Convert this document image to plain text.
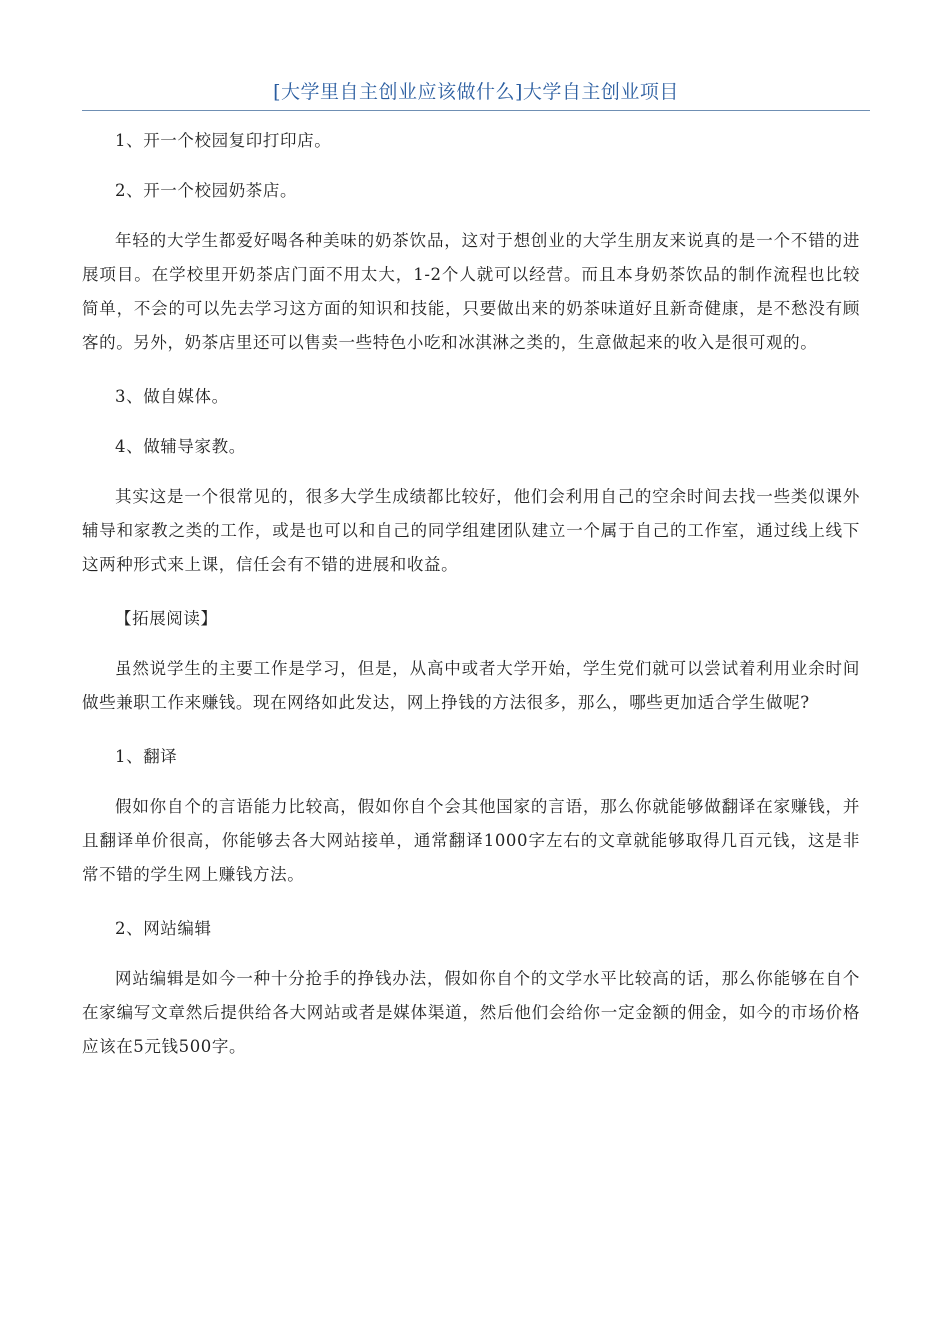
[大学里自主创业应该做什么]大学自主创业项目

1、开一个校园复印打印店。

2、开一个校园奶茶店。

年轻的大学生都爱好喝各种美味的奶茶饮品，这对于想创业的大学生朋友来说真的是一个不错的进展项目。在学校里开奶茶店门面不用太大，1-2个人就可以经营。而且本身奶茶饮品的制作流程也比较简单，不会的可以先去学习这方面的知识和技能，只要做出来的奶茶味道好且新奇健康，是不愁没有顾客的。另外，奶茶店里还可以售卖一些特色小吃和冰淇淋之类的，生意做起来的收入是很可观的。

3、做自媒体。

4、做辅导家教。

其实这是一个很常见的，很多大学生成绩都比较好，他们会利用自己的空余时间去找一些类似课外辅导和家教之类的工作，或是也可以和自己的同学组建团队建立一个属于自己的工作室，通过线上线下这两种形式来上课，信任会有不错的进展和收益。

【拓展阅读】

虽然说学生的主要工作是学习，但是，从高中或者大学开始，学生党们就可以尝试着利用业余时间做些兼职工作来赚钱。现在网络如此发达，网上挣钱的方法很多，那么，哪些更加适合学生做呢?

1、翻译

假如你自个的言语能力比较高，假如你自个会其他国家的言语，那么你就能够做翻译在家赚钱，并且翻译单价很高，你能够去各大网站接单，通常翻译1000字左右的文章就能够取得几百元钱，这是非常不错的学生网上赚钱方法。

2、网站编辑

网站编辑是如今一种十分抢手的挣钱办法，假如你自个的文学水平比较高的话，那么你能够在自个在家编写文章然后提供给各大网站或者是媒体渠道，然后他们会给你一定金额的佣金，如今的市场价格应该在5元钱500字。
